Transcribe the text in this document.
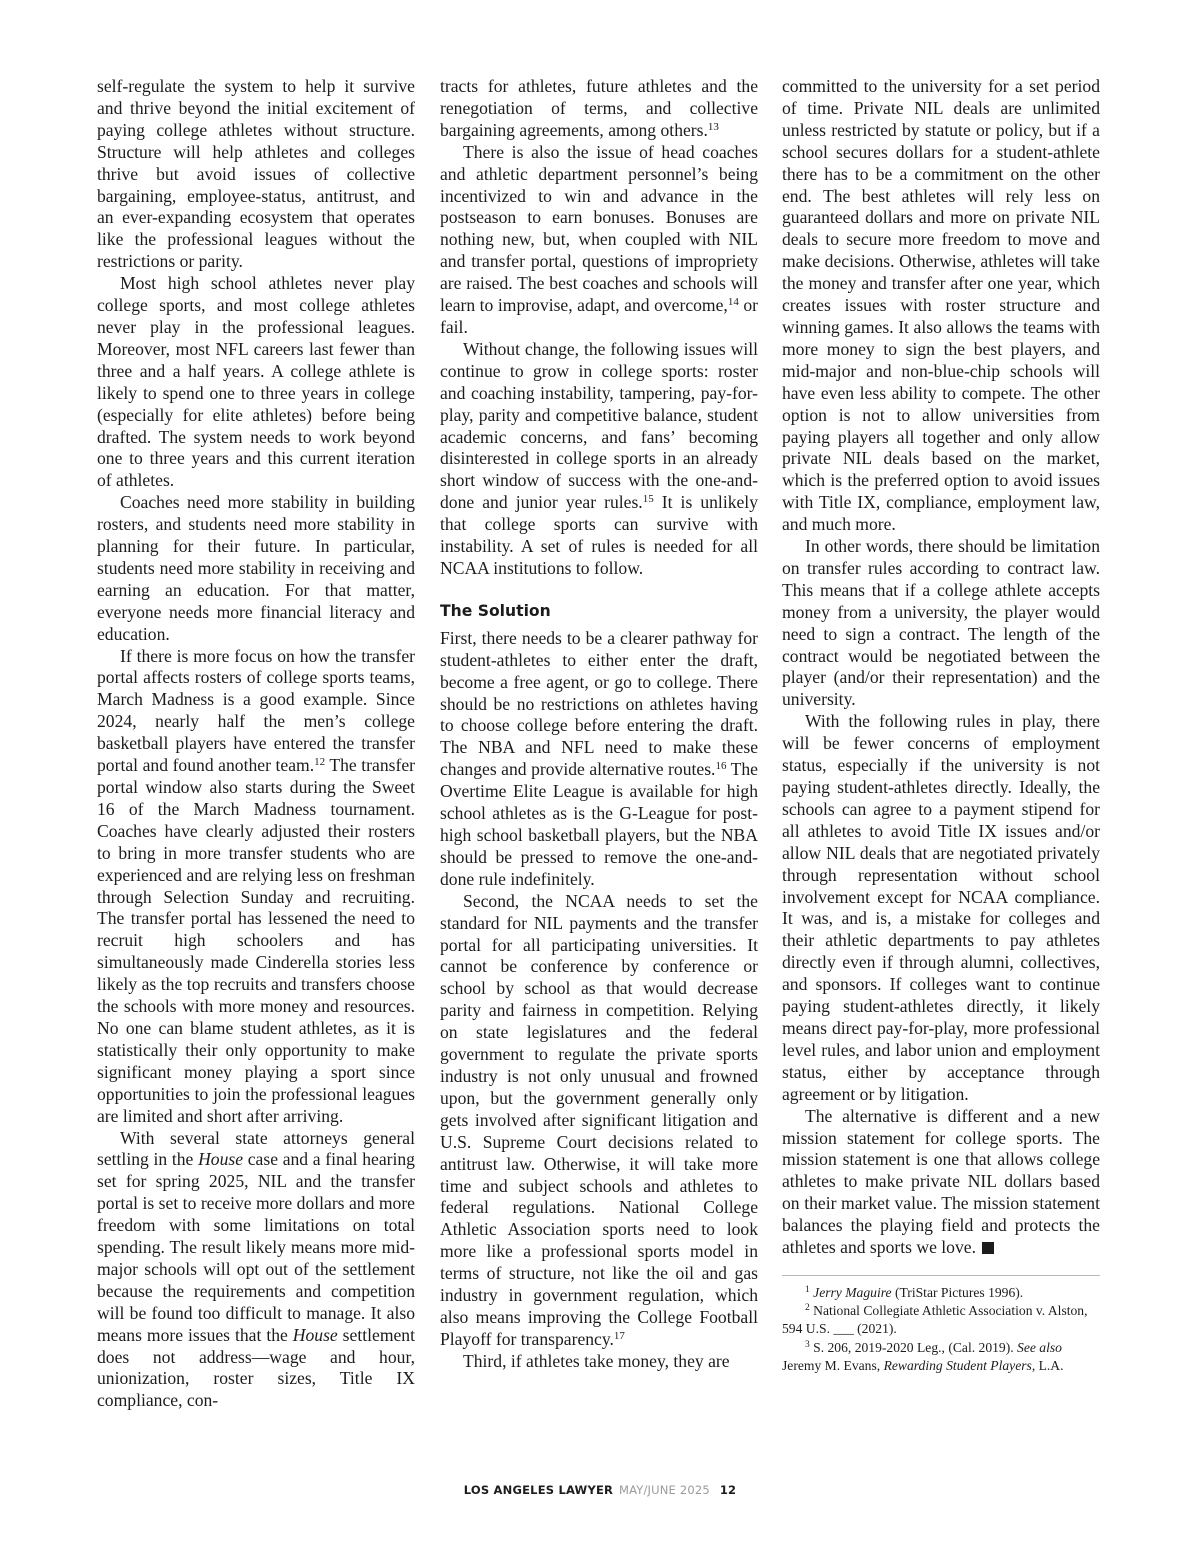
self-regulate the system to help it survive and thrive beyond the initial excitement of paying college athletes without structure. Structure will help athletes and colleges thrive but avoid issues of collective bargaining, employee-status, antitrust, and an ever-expanding ecosystem that operates like the professional leagues without the restrictions or parity.

Most high school athletes never play college sports, and most college athletes never play in the professional leagues. Moreover, most NFL careers last fewer than three and a half years. A college athlete is likely to spend one to three years in college (especially for elite athletes) before being drafted. The system needs to work beyond one to three years and this current iteration of athletes.

Coaches need more stability in building rosters, and students need more stability in planning for their future. In particular, students need more stability in receiving and earning an education. For that matter, everyone needs more financial literacy and education.

If there is more focus on how the transfer portal affects rosters of college sports teams, March Madness is a good example. Since 2024, nearly half the men’s college basketball players have entered the transfer portal and found another team.$^{12}$ The transfer portal window also starts during the Sweet 16 of the March Madness tournament. Coaches have clearly adjusted their rosters to bring in more transfer students who are experienced and are relying less on freshman through Selection Sunday and recruiting. The transfer portal has lessened the need to recruit high schoolers and has simultaneously made Cinderella stories less likely as the top recruits and transfers choose the schools with more money and resources. No one can blame student athletes, as it is statistically their only opportunity to make significant money playing a sport since opportunities to join the professional leagues are limited and short after arriving.

With several state attorneys general settling in the House case and a final hearing set for spring 2025, NIL and the transfer portal is set to receive more dollars and more freedom with some limitations on total spending. The result likely means more mid-major schools will opt out of the settlement because the requirements and competition will be found too difficult to manage. It also means more issues that the House settlement does not address—wage and hour, unionization, roster sizes, Title IX compliance, con-

tracts for athletes, future athletes and the renegotiation of terms, and collective bargaining agreements, among others.$^{13}$

There is also the issue of head coaches and athletic department personnel’s being incentivized to win and advance in the postseason to earn bonuses. Bonuses are nothing new, but, when coupled with NIL and transfer portal, questions of impropriety are raised. The best coaches and schools will learn to improvise, adapt, and overcome,$^{14}$ or fail.

Without change, the following issues will continue to grow in college sports: roster and coaching instability, tampering, pay-for-play, parity and competitive balance, student academic concerns, and fans’ becoming disinterested in college sports in an already short window of success with the one-and-done and junior year rules.$^{15}$ It is unlikely that college sports can survive with instability. A set of rules is needed for all NCAA institutions to follow.

The Solution

First, there needs to be a clearer pathway for student-athletes to either enter the draft, become a free agent, or go to college. There should be no restrictions on athletes having to choose college before entering the draft. The NBA and NFL need to make these changes and provide alternative routes.$^{16}$ The Overtime Elite League is available for high school athletes as is the G-League for post-high school basketball players, but the NBA should be pressed to remove the one-and-done rule indefinitely.

Second, the NCAA needs to set the standard for NIL payments and the transfer portal for all participating universities. It cannot be conference by conference or school by school as that would decrease parity and fairness in competition. Relying on state legislatures and the federal government to regulate the private sports industry is not only unusual and frowned upon, but the government generally only gets involved after significant litigation and U.S. Supreme Court decisions related to antitrust law. Otherwise, it will take more time and subject schools and athletes to federal regulations. National College Athletic Association sports need to look more like a professional sports model in terms of structure, not like the oil and gas industry in government regulation, which also means improving the College Football Playoff for transparency.$^{17}$

Third, if athletes take money, they are

committed to the university for a set period of time. Private NIL deals are unlimited unless restricted by statute or policy, but if a school secures dollars for a student-athlete there has to be a commitment on the other end. The best athletes will rely less on guaranteed dollars and more on private NIL deals to secure more freedom to move and make decisions. Otherwise, athletes will take the money and transfer after one year, which creates issues with roster structure and winning games. It also allows the teams with more money to sign the best players, and mid-major and non-blue-chip schools will have even less ability to compete. The other option is not to allow universities from paying players all together and only allow private NIL deals based on the market, which is the preferred option to avoid issues with Title IX, compliance, employment law, and much more.

In other words, there should be limitation on transfer rules according to contract law. This means that if a college athlete accepts money from a university, the player would need to sign a contract. The length of the contract would be negotiated between the player (and/or their representation) and the university.

With the following rules in play, there will be fewer concerns of employment status, especially if the university is not paying student-athletes directly. Ideally, the schools can agree to a payment stipend for all athletes to avoid Title IX issues and/or allow NIL deals that are negotiated privately through representation without school involvement except for NCAA compliance. It was, and is, a mistake for colleges and their athletic departments to pay athletes directly even if through alumni, collectives, and sponsors. If colleges want to continue paying student-athletes directly, it likely means direct pay-for-play, more professional level rules, and labor union and employment status, either by acceptance through agreement or by litigation.

The alternative is different and a new mission statement for college sports. The mission statement is one that allows college athletes to make private NIL dollars based on their market value. The mission statement balances the playing field and protects the athletes and sports we love.

$^1$ Jerry Maguire (TriStar Pictures 1996).

$^2$ National Collegiate Athletic Association v. Alston, 594 U.S. ___ (2021).

$^3$ S. 206, 2019-2020 Leg., (Cal. 2019). See also Jeremy M. Evans, Rewarding Student Players, L.A.

LOS ANGELES LAWYER MAY/JUNE 2025 12
